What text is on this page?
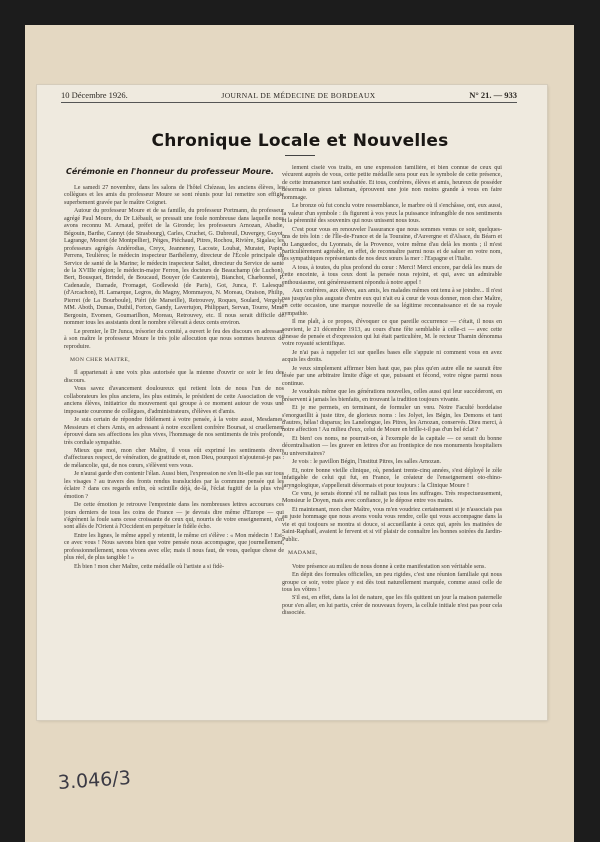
10 Décembre 1926.	JOURNAL DE MÉDECINE DE BORDEAUX	N° 21. — 933
Chronique Locale et Nouvelles
Cérémonie en l'honneur du professeur Moure.

Le samedi 27 novembre, dans les salons de l'hôtel Chézeau, les anciens élèves, les collègues et les amis du professeur Moure se sont réunis pour lui remettre son effigie superbement gravée par le maître Coignet.

Autour du professeur Moure et de sa famille, du professeur Portmann, du professeur agrégé Paul Moure, du Dr Liébault, se pressait une foule nombreuse dans laquelle nous avons reconnu M. Arnaud, préfet de la Gironde; les professeurs Arnozan, Abadie, Bégouin, Barthe, Cannyt (de Strasbourg), Carles, Cruchet, G. Dubreuil, Duvergey, Guyot, Lagrange, Mouret (de Montpellier), Pétges, Piéchaud, Pitres, Rochou, Rivière, Sigalas; les professeurs agrégés Andérodias, Creyx, Jeanneney, Lacoste, Loubat, Muratet, Papin, Perrens, Teulières; le médecin inspecteur Barthélemy, directeur de l'École principale du Service de santé de la Marine; le médecin inspecteur Saltet, directeur du Service de santé de la XVIIIe région; le médecin-major Ferron, les docteurs de Beauchamp (de Luchon), Bert, Bousquet, Brindel, de Boucaud, Bouyer (de Cauterets), Bianchot, Charbonnel, P. Cadenaule, Damade, Fromaget, Godlewski (de Paris), Got, Junca, F. Lalesque (d'Arcachon), H. Lamarque, Legros, du Magny, Mommayou, N. Moreau, Oraison, Philip, Pierret (de La Bourboule), Piéri (de Marseille), Retrouvey, Roques, Soulard, Vergely; MM. Aboth, Dumas, Duthil, Forton, Gandy, Lavertujon, Philippart, Servan, Tourre, Mme Bergouin, Evomen, Goumarilhon, Moreau, Retrouvey, etc. Il nous serait difficile de nommer tous les assistants dont le nombre s'élevait à deux cents environ.

Le premier, le Dr Junca, trésorier du comité, a ouvert le feu des discours en adressant à son maître le professeur Moure le très jolie allocution que nous sommes heureux de reproduire.

MON CHER MAITRE,

Il appartenait à une voix plus autorisée que la mienne d'ouvrir ce soir le feu des discours.

Vous savez d'avancement douloureux qui retient loin de nous l'un de nos collaborateurs les plus anciens, les plus estimés, le président de cette Association de vos anciens élèves, initiatrice du mouvement qui groupe à ce moment autour de vous une imposante couronne de collègues, d'administrateurs, d'élèves et d'amis.

Je suis certain de répondre fidèlement à votre pensée, à la votre aussi, Mesdames, Messieurs et chers Amis, en adressant à notre excellent confrère Boursat, si cruellement éprouvé dans ses affections les plus vives, l'hommage de nos sentiments de très profonde, très cordiale sympathie.

Mieux que moi, mon cher Maître, il vous eût exprimé les sentiments divers d'affectueux respect, de vénération, de gratitude et, mon Dieu, pourquoi n'ajouterai-je pas : de mélancolie, qui, de nos cœurs, s'élèvent vers vous.

Je n'aurai garde d'en contenir l'élan. Aussi bien, l'expression ne s'en lit-elle pas sur tous les visages ? au travers des fronts rendus translucides par la commune pensée qui les éclaire ? dans ces regards enfin, où scintille déjà, de-là, l'éclat fugitif de la plus vive émotion ?

De cette émotion je retrouve l'empreinte dans les nombreuses lettres accourues ces jours derniers de tous les coins de France — je devrais dire même d'Europe — qui s'égrènent la foule sans cesse croissante de ceux qui, nourris de votre enseignement, s'en sont allés de l'Orient à l'Occident en perpétuer le fidèle écho.

Entre les lignes, le même appel y retentit, le même cri s'élève : « Mon médecin ! Est-ce avec vous ! Nous savons bien que votre pensée nous accompagne, que journellement, professionnellement, nous vivons avec elle; mais il nous faut, de vous, quelque chose de plus réel, de plus tangible ! »

Eh bien ! mon cher Maître, cette médaille où l'artiste a si fidè-

lement ciselé vos traits, en une expression familière, et bien connue de ceux qui vécurent auprès de vous, cette petite médaille sera pour eux le symbole de cette présence, de cette immanence tant souhaitée. Et tous, confrères, élèves et amis, heureux de posséder désormais ce pieux talisman, éprouvent une joie non moins grande à vous en faire hommage.

Le bronze où fut conclu votre ressemblance, le marbre où il s'enchâsse, ont, eux aussi, la valeur d'un symbole : ils figurent à vos yeux la puissance infrangible de nos sentiments et la pérennité des souvenirs qui nous unissent nous tous.

C'est pour vous en renouveler l'assurance que nous sommes venus ce soir, quelques-uns de très loin : de l'Île-de-France et de la Touraine, d'Auvergne et d'Alsace, du Béarn et du Languedoc, du Lyonnais, de la Provence, voire même d'au delà les monts ; il m'est particulièrement agréable, en effet, de reconnaître parmi nous et de saluer en votre nom, les sympathiques représentants de nos deux sœurs la mer : l'Espagne et l'Italie.

A tous, à toutes, du plus profond du cœur : Merci! Merci encore, par delà les murs de cette enceinte, à tous ceux dont la pensée nous rejoint, et qui, avec un admirable enthousiasme, ont généreusement répondu à notre appel !

Aux confrères, aux élèves, aux amis, les malades mêmes ont tenu à se joindre... Il n'est pas jusqu'au plus auguste d'entre eux qui n'ait eu à cœur de vous donner, mon cher Maître, en cette occasion, une marque nouvelle de sa légitime reconnaissance et de sa royale sympathie.

Il me plaît, à ce propos, d'évoquer ce que pareille occurrence — c'était, il nous en souvient, le 21 décembre 1913, au cours d'une fête semblable à celle-ci — avec cette finesse de pensée et d'expression qui lui était particulière, M. le recteur Thamin dénomma votre royauté scientifique.

Je n'ai pas à rappeler ici sur quelles bases elle s'appuie ni comment vous en avez acquis les droits.

Je veux simplement affirmer bien haut que, pas plus qu'en autre elle ne saurait être lésée par une arbitraire limite d'âge et que, puissant et fécond, votre règne parmi nous continue.

Je voudrais même que les générations nouvelles, celles aussi qui leur succéderont, en préservent à jamais les bienfaits, en trouvant la tradition toujours vivante.

Et je me permets, en terminant, de formuler un vœu. Notre Faculté bordelaise s'enorgueillit à juste titre, de glorieux noms : les Jolyet, les Bégin, les Demons et tant d'autres, hélas! disparus; les Lanelongue, les Pitres, les Arnozan, conservés. Dieu merci, à notre affection ! Au milieu d'eux, celui de Moure en brille-t-il pas d'un bel éclat ?

Et bien! ces noms, ne pourrait-on, à l'exemple de la capitale — ce serait du bonne décentralisation — les graver en lettres d'or au frontispice de nos monuments hospitaliers ou universitaires?

Je vois : le pavillon Bégin, l'institut Pitres, les salles Arnozan.

Et, notre bonne vieille clinique, où, pendant trente-cinq années, s'est déployé le zèle infatigable de celui qui fut, en France, le créateur de l'enseignement oto-rhino-laryngologique, s'appellerait désormais et pour toujours : la Clinique Moure !

Ce vœu, je serais étonné s'il ne ralliait pas tous les suffrages. Très respectueusement, Monsieur le Doyen, mais avec confiance, je le dépose entre vos mains.

Et maintenant, mon cher Maître, vous m'en voudriez certainement si je n'associais pas au juste hommage que nous avons voulu vous rendre, celle qui vous accompagne dans la vie et qui toujours se montra si douce, si accueillante à ceux qui, après les matinées de Saint-Raphaël, avaient le fervent et si vif plaisir de connaître les bonnes soirées du Jardin-Public.

MADAME,

Votre présence au milieu de nous donne à cette manifestation son véritable sens.

En dépit des formules officielles, un peu rigides, c'est une réunion familiale qui nous groupe ce soir, votre place y est dès tout naturellement marquée, comme aussi celle de tous les vôtres !

S'il est, en effet, dans la loi de nature, que les fils quittent un jour la maison paternelle pour s'en aller, en lui partis, créer de nouveaux foyers, la cellule initiale n'est pas pour cela dissociée.

3.046/3
